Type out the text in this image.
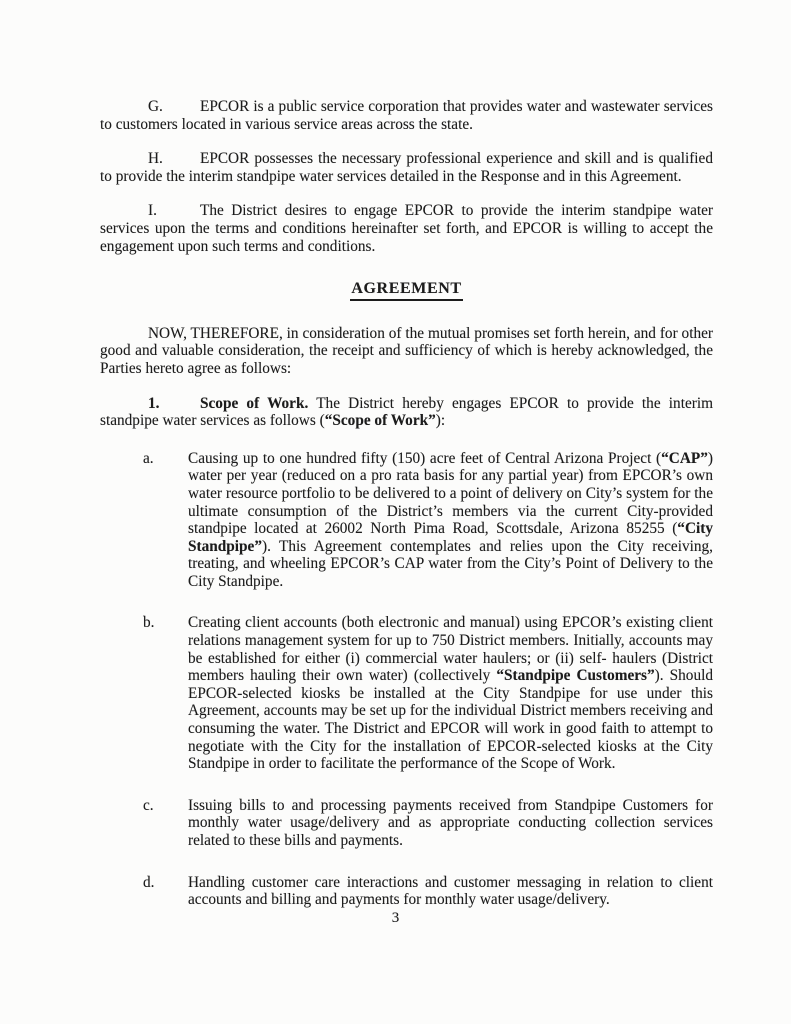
G. EPCOR is a public service corporation that provides water and wastewater services to customers located in various service areas across the state.

H. EPCOR possesses the necessary professional experience and skill and is qualified to provide the interim standpipe water services detailed in the Response and in this Agreement.

I.	The District desires to engage EPCOR to provide the interim standpipe water services upon the terms and conditions hereinafter set forth, and EPCOR is willing to accept the engagement upon such terms and conditions.

AGREEMENT

NOW, THEREFORE, in consideration of the mutual promises set forth herein, and for other good and valuable consideration, the receipt and sufficiency of which is hereby acknowledged, the Parties hereto agree as follows:

1.	Scope of Work. The District hereby engages EPCOR to provide the interim standpipe water services as follows (“Scope of Work”):

a. Causing up to one hundred fifty (150) acre feet of Central Arizona Project (“CAP”) water per year (reduced on a pro rata basis for any partial year) from EPCOR’s own water resource portfolio to be delivered to a point of delivery on City’s system for the ultimate consumption of the District’s members via the current City-provided standpipe located at 26002 North Pima Road, Scottsdale, Arizona 85255 (“City Standpipe”). This Agreement contemplates and relies upon the City receiving, treating, and wheeling EPCOR’s CAP water from the City’s Point of Delivery to the City Standpipe.
b. Creating client accounts (both electronic and manual) using EPCOR’s existing client relations management system for up to 750 District members. Initially, accounts may be established for either (i) commercial water haulers; or (ii) self- haulers (District members hauling their own water) (collectively “Standpipe Customers”). Should EPCOR-selected kiosks be installed at the City Standpipe for use under this Agreement, accounts may be set up for the individual District members receiving and consuming the water. The District and EPCOR will work in good faith to attempt to negotiate with the City for the installation of EPCOR-selected kiosks at the City Standpipe in order to facilitate the performance of the Scope of Work.
c. Issuing bills to and processing payments received from Standpipe Customers for monthly water usage/delivery and as appropriate conducting collection services related to these bills and payments.
d. Handling customer care interactions and customer messaging in relation to client accounts and billing and payments for monthly water usage/delivery.
3
